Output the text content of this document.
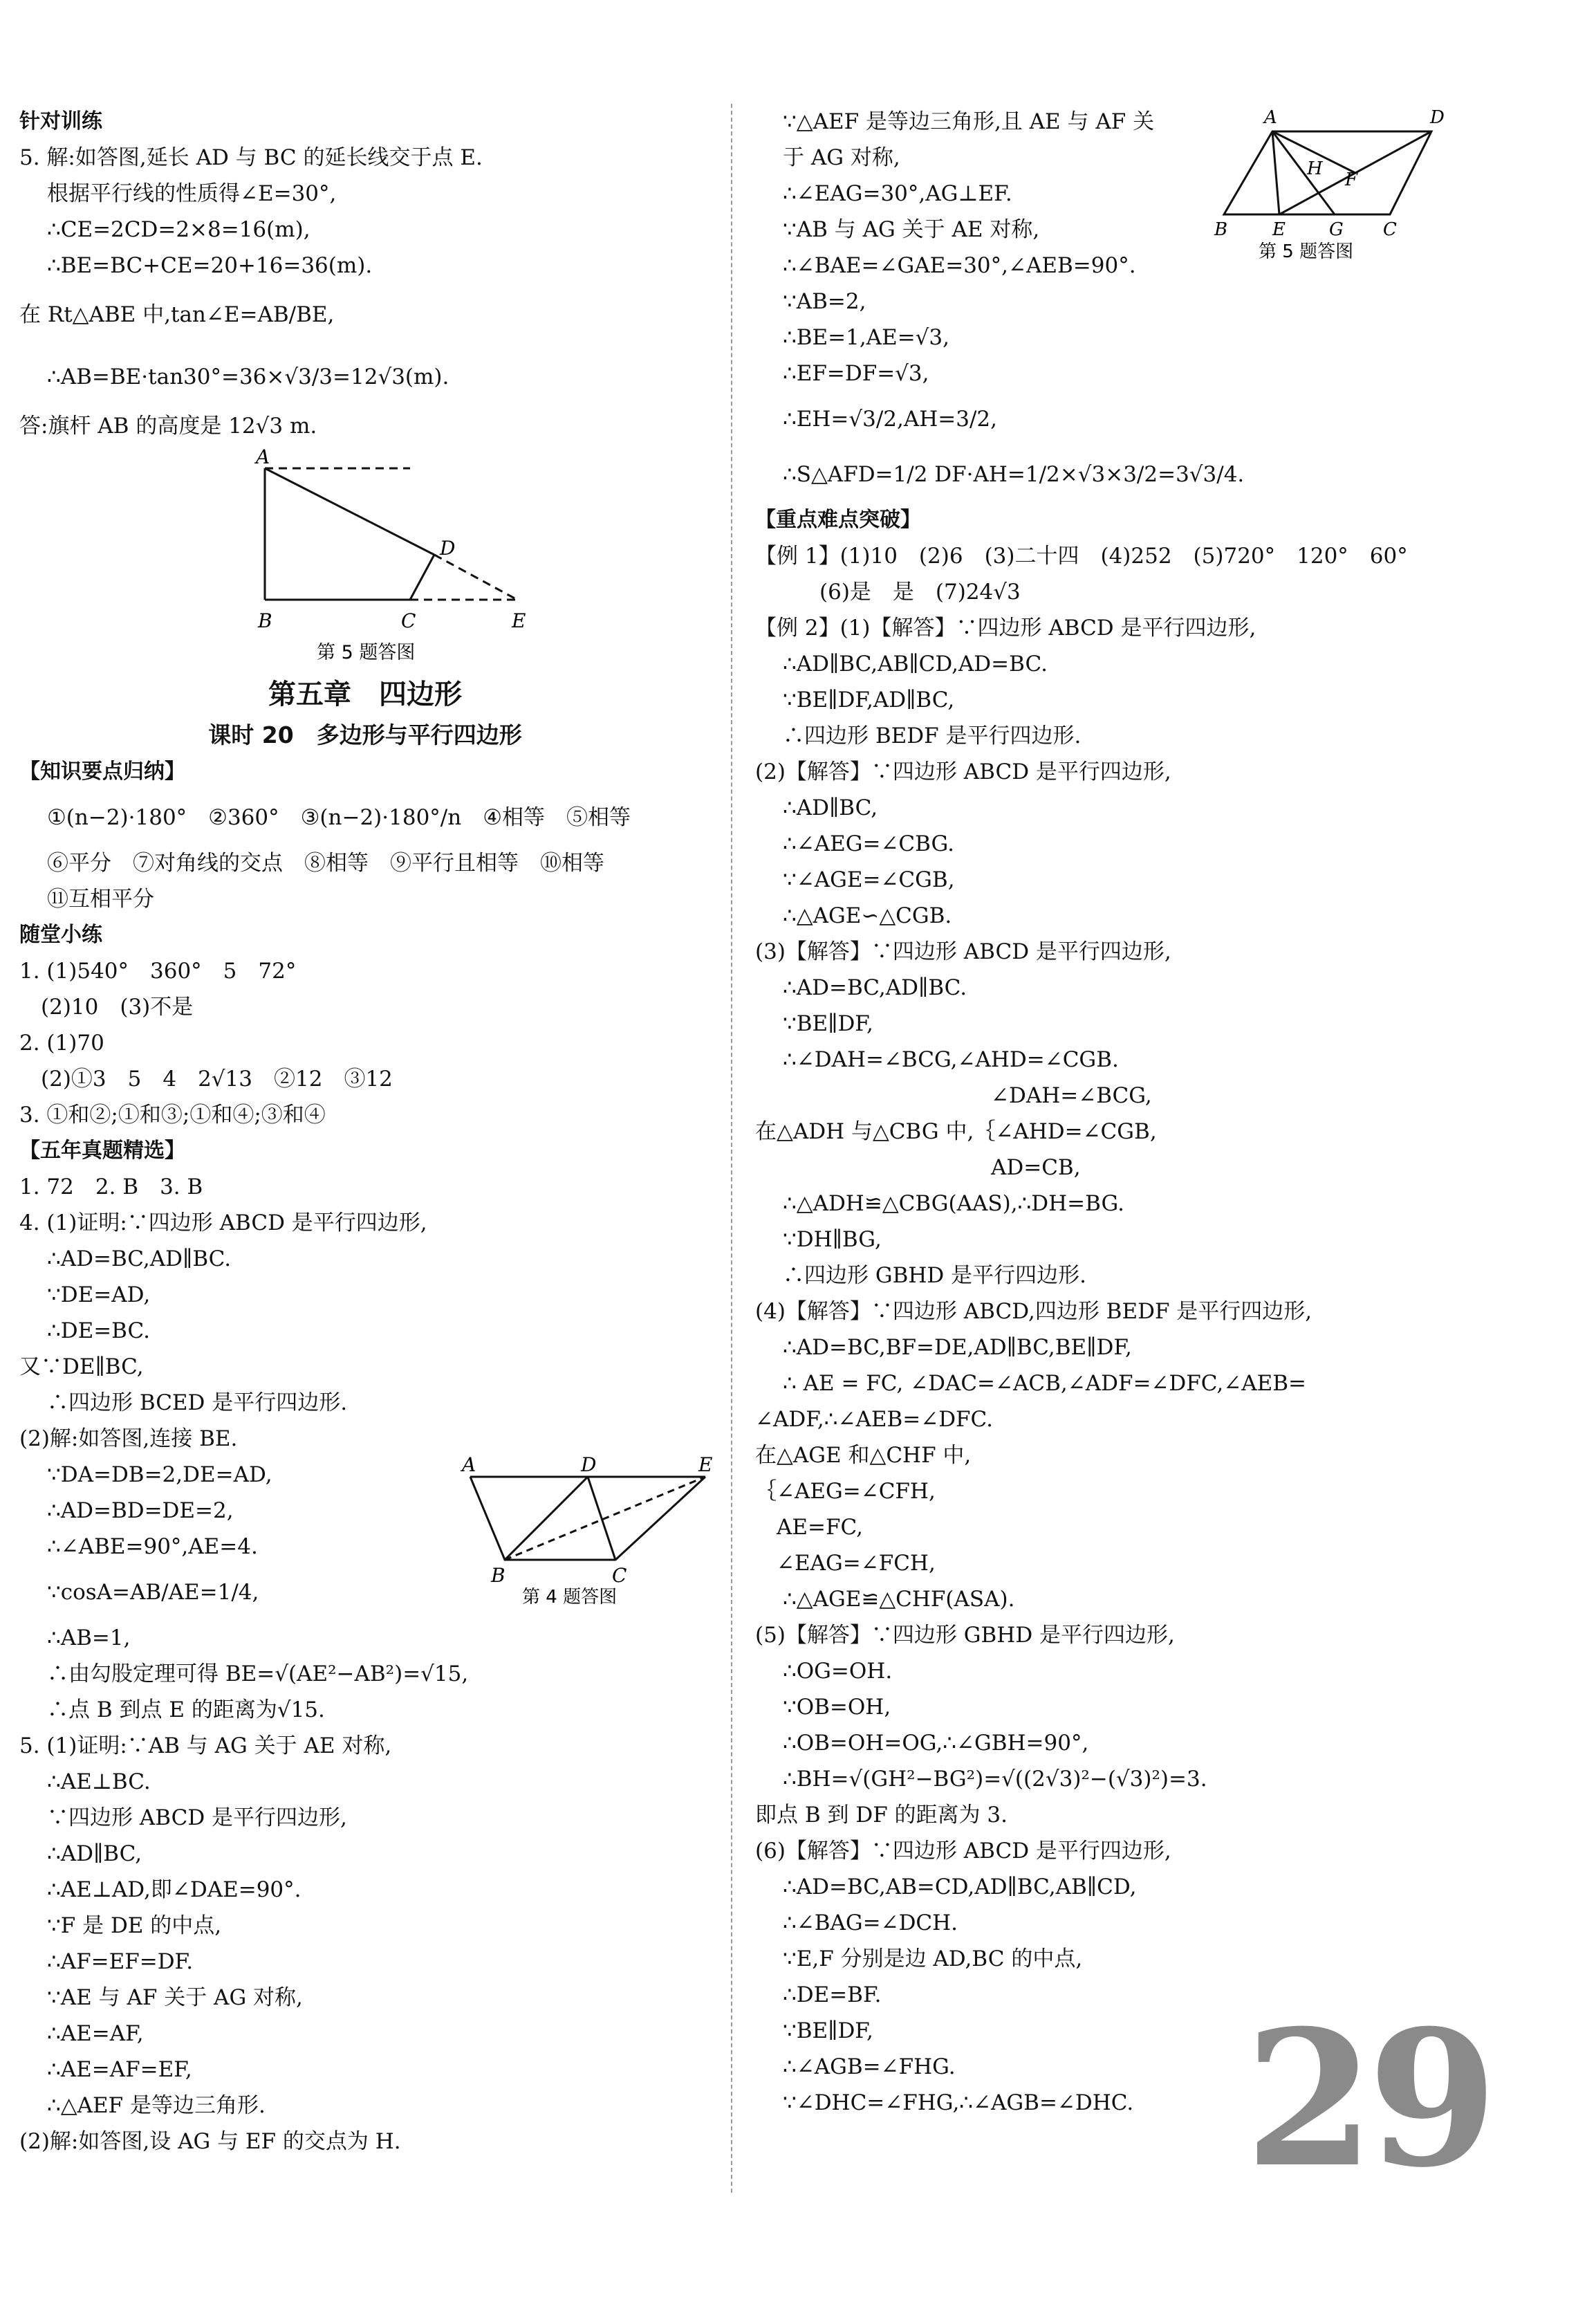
针对训练
5. 解:如答图,延长 AD 与 BC 的延长线交于点 E.
根据平行线的性质得∠E=30°,
∴CE=2CD=2×8=16(m),
∴BE=BC+CE=20+16=36(m).
在 Rt△ABE 中,tan∠E=AB/BE,
∴AB=BE·tan30°=36×√3/3=12√3(m).
答:旗杆 AB 的高度是 12√3 m.
A
D
B	C	E
第 5 题答图
第五章　四边形
课时 20　多边形与平行四边形
【知识要点归纳】
①(n−2)·180°　②360°　③(n−2)·180°/n　④相等　⑤相等
⑥平分　⑦对角线的交点　⑧相等　⑨平行且相等　⑩相等
⑪互相平分
随堂小练
1. (1)540°　360°　5　72°
　(2)10　(3)不是
2. (1)70
　(2)①3　5　4　2√13　②12　③12
3. ①和②;①和③;①和④;③和④
【五年真题精选】
1. 72　2. B　3. B
4. (1)证明:∵四边形 ABCD 是平行四边形,
∴AD=BC,AD∥BC.
∵DE=AD,
∴DE=BC.
又∵DE∥BC,
∴四边形 BCED 是平行四边形.
(2)解:如答图,连接 BE.
∵DA=DB=2,DE=AD,
∴AD=BD=DE=2,
∴∠ABE=90°,AE=4.
∵cosA=AB/AE=1/4,
∴AB=1,
∴由勾股定理可得 BE=√(AE²−AB²)=√15,
∴点 B 到点 E 的距离为√15.
5. (1)证明:∵AB 与 AG 关于 AE 对称,
∴AE⊥BC.
∵四边形 ABCD 是平行四边形,
∴AD∥BC,
∴AE⊥AD,即∠DAE=90°.
∵F 是 DE 的中点,
∴AF=EF=DF.
∵AE 与 AF 关于 AG 对称,
∴AE=AF,
∴AE=AF=EF,
∴△AEF 是等边三角形.
(2)解:如答图,设 AG 与 EF 的交点为 H.
∵△AEF 是等边三角形,且 AE 与 AF 关
于 AG 对称,
∴∠EAG=30°,AG⊥EF.
∵AB 与 AG 关于 AE 对称,
∴∠BAE=∠GAE=30°,∠AEB=90°.
∵AB=2,
∴BE=1,AE=√3,
∴EF=DF=√3,
∴EH=√3/2,AH=3/2,
∴S△AFD=1/2 DF·AH=1/2×√3×3/2=3√3/4.
【重点难点突破】
【例 1】(1)10　(2)6　(3)二十四　(4)252　(5)720°　120°　60°
　　　(6)是　是　(7)24√3
【例 2】(1)【解答】∵四边形 ABCD 是平行四边形,
∴AD∥BC,AB∥CD,AD=BC.
∵BE∥DF,AD∥BC,
∴四边形 BEDF 是平行四边形.
(2)【解答】∵四边形 ABCD 是平行四边形,
∴AD∥BC,
∴∠AEG=∠CBG.
∵∠AGE=∠CGB,
∴△AGE∽△CGB.
(3)【解答】∵四边形 ABCD 是平行四边形,
∴AD=BC,AD∥BC.
∵BE∥DF,
∴∠DAH=∠BCG,∠AHD=∠CGB.
　　　　　　　　　　　∠DAH=∠BCG,
在△ADH 与△CBG 中,｛∠AHD=∠CGB,
　　　　　　　　　　　AD=CB,
∴△ADH≌△CBG(AAS),∴DH=BG.
∵DH∥BG,
∴四边形 GBHD 是平行四边形.
(4)【解答】∵四边形 ABCD,四边形 BEDF 是平行四边形,
∴AD=BC,BF=DE,AD∥BC,BE∥DF,
∴ AE = FC, ∠DAC=∠ACB,∠ADF=∠DFC,∠AEB=
∠ADF,∴∠AEB=∠DFC.
在△AGE 和△CHF 中,
｛∠AEG=∠CFH,
　AE=FC,
　∠EAG=∠FCH,
∴△AGE≌△CHF(ASA).
(5)【解答】∵四边形 GBHD 是平行四边形,
∴OG=OH.
∵OB=OH,
∴OB=OH=OG,∴∠GBH=90°,
∴BH=√(GH²−BG²)=√((2√3)²−(√3)²)=3.
即点 B 到 DF 的距离为 3.
(6)【解答】∵四边形 ABCD 是平行四边形,
∴AD=BC,AB=CD,AD∥BC,AB∥CD,
∴∠BAG=∠DCH.
∵E,F 分别是边 AD,BC 的中点,
∴DE=BF.
∵BE∥DF,
∴∠AGB=∠FHG.
∵∠DHC=∠FHG,∴∠AGB=∠DHC.
A	D	E
B	C
第 4 题答图
A	D
H
F
B E G C
第 5 题答图
29
